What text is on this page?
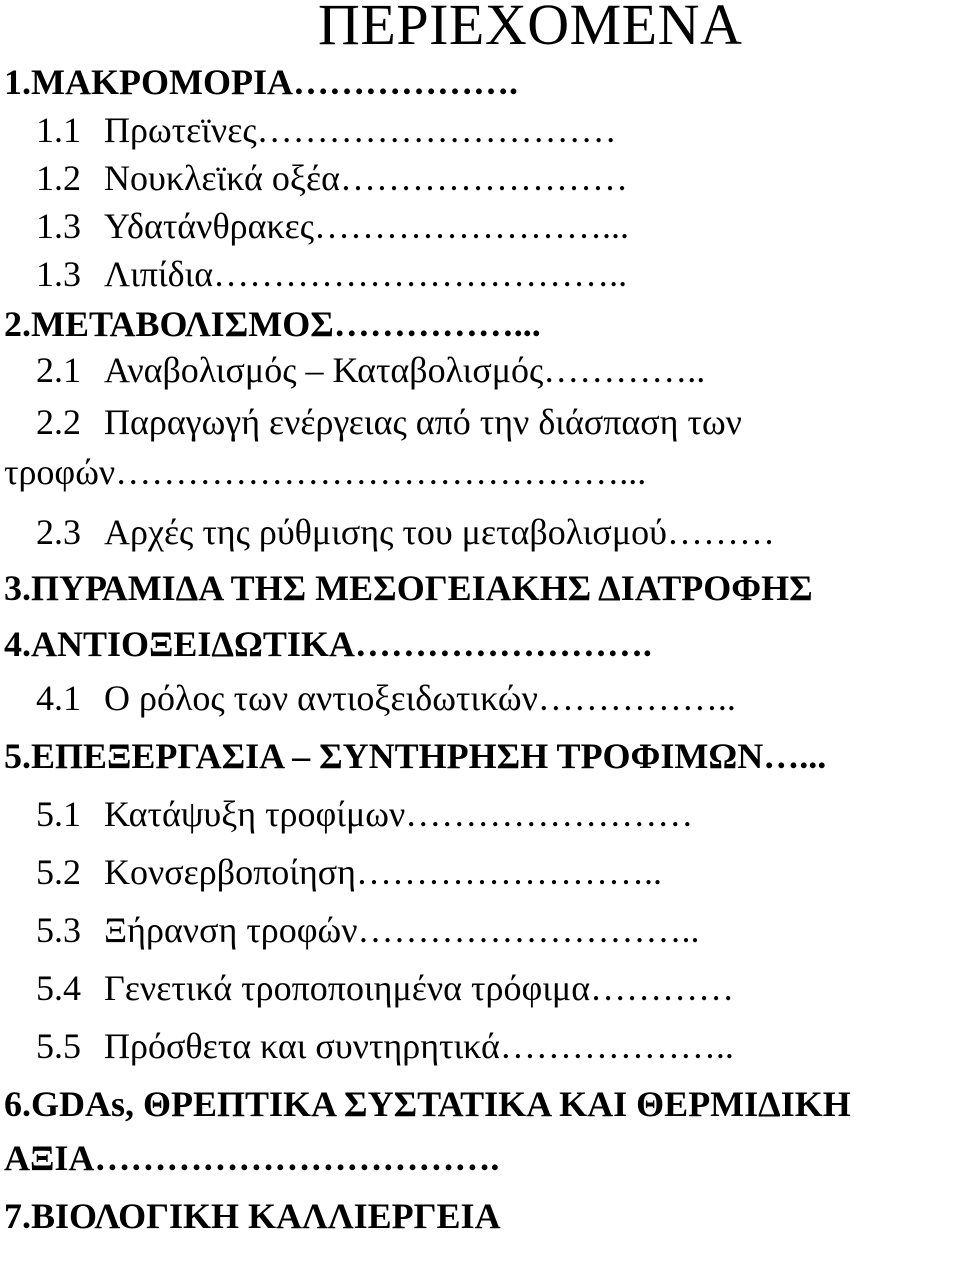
ΠΕΡΙΕΧΟΜΕΝΑ
1.ΜΑΚΡΟΜΟΡΙΑ……………….
1.1 Πρωτεϊνες…………………………
1.2 Νουκλεϊκά οξέα……………………
1.3 Υδατάνθρακες……………………...
1.3 Λιπίδια……………………………..
2.ΜΕΤΑΒΟΛΙΣΜΟΣ……………...
2.1 Αναβολισμός – Καταβολισμός…………..
2.2 Παραγωγή ενέργειας από την διάσπαση των
τροφών……………………………………...
2.3 Αρχές της ρύθμισης του μεταβολισμού………
3.ΠΥΡΑΜΙΔΑ ΤΗΣ ΜΕΣΟΓΕΙΑΚΗΣ ΔΙΑΤΡΟΦΗΣ
4.ΑΝΤΙΟΞΕΙΔΩΤΙΚΑ…………………….
4.1 Ο ρόλος των αντιοξειδωτικών……………..
5.ΕΠΕΞΕΡΓΑΣΙΑ – ΣΥΝΤΗΡΗΣΗ ΤΡΟΦΙΜΩΝ…...
5.1 Κατάψυξη τροφίμων……………………
5.2 Κονσερβοποίηση……………………..
5.3 Ξήρανση τροφών………………………..
5.4 Γενετικά τροποποιημένα τρόφιμα…………
5.5 Πρόσθετα και συντηρητικά………………..
6.GDAs, ΘΡΕΠΤΙΚΑ ΣΥΣΤΑΤΙΚΑ ΚΑΙ ΘΕΡΜΙΔΙΚΗ
ΑΞΙΑ…………………………….
7.ΒΙΟΛΟΓΙΚΗ ΚΑΛΛΙΕΡΓΕΙΑ
